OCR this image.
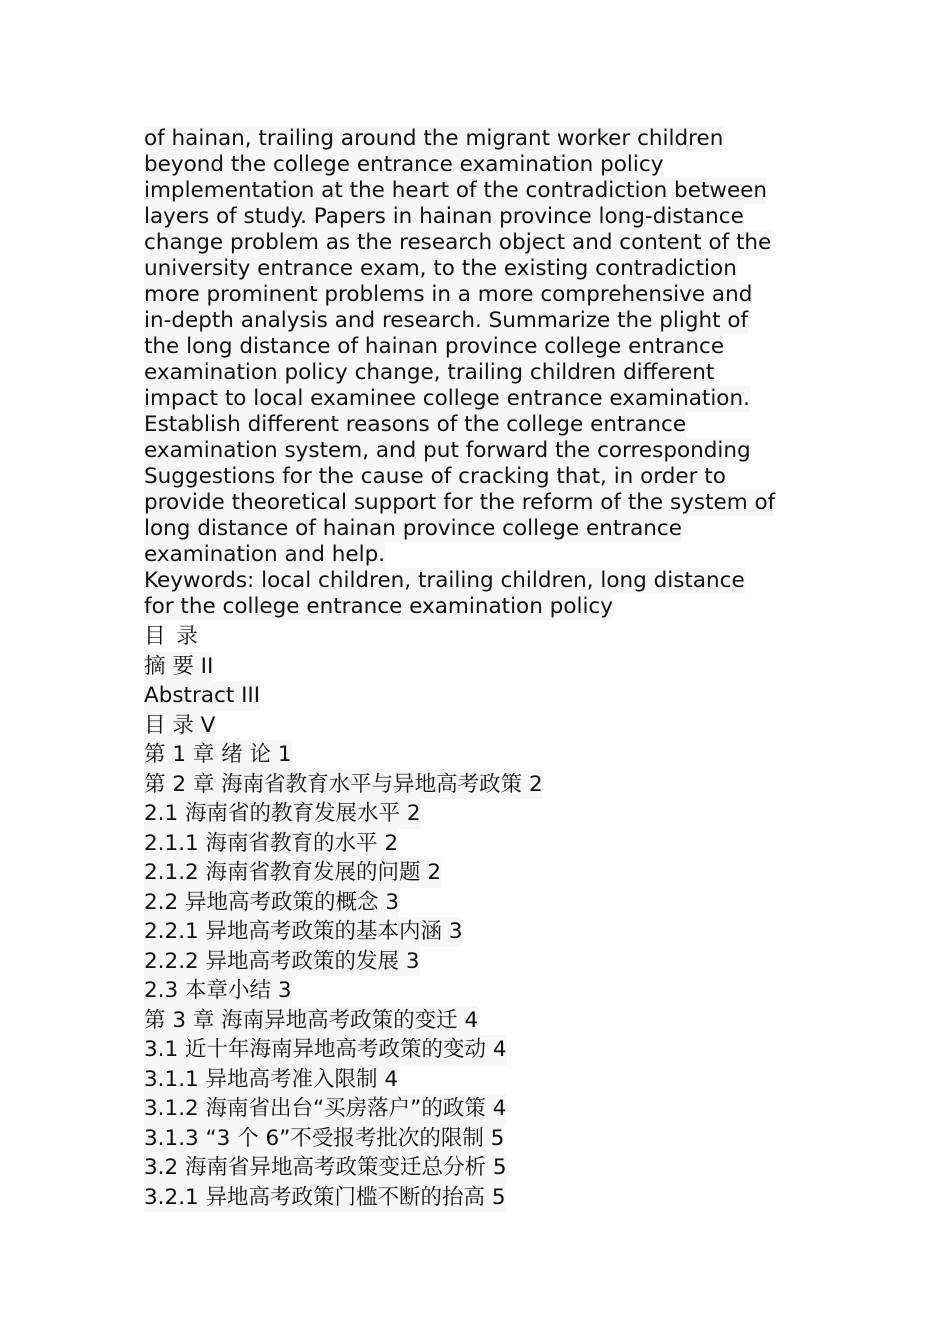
of hainan, trailing around the migrant worker children
beyond the college entrance examination policy
implementation at the heart of the contradiction between
layers of study. Papers in hainan province long-distance
change problem as the research object and content of the
university entrance exam, to the existing contradiction
more prominent problems in a more comprehensive and
in-depth analysis and research. Summarize the plight of
the long distance of hainan province college entrance
examination policy change, trailing children different
impact to local examinee college entrance examination.
Establish different reasons of the college entrance
examination system, and put forward the corresponding
Suggestions for the cause of cracking that, in order to
provide theoretical support for the reform of the system of
long distance of hainan province college entrance
examination and help.

Keywords: local children, trailing children, long distance
for the college entrance examination policy

目 录
摘 要 II
Abstract III
目 录 V
第 1 章 绪 论 1
第 2 章 海南省教育水平与异地高考政策 2
2.1 海南省的教育发展水平 2
2.1.1 海南省教育的水平 2
2.1.2 海南省教育发展的问题 2
2.2 异地高考政策的概念 3
2.2.1 异地高考政策的基本内涵 3
2.2.2 异地高考政策的发展 3
2.3 本章小结 3
第 3 章 海南异地高考政策的变迁 4
3.1 近十年海南异地高考政策的变动 4
3.1.1 异地高考准入限制 4
3.1.2 海南省出台“买房落户”的政策 4
3.1.3 “3 个 6”不受报考批次的限制 5
3.2 海南省异地高考政策变迁总分析 5
3.2.1 异地高考政策门槛不断的抬高 5
